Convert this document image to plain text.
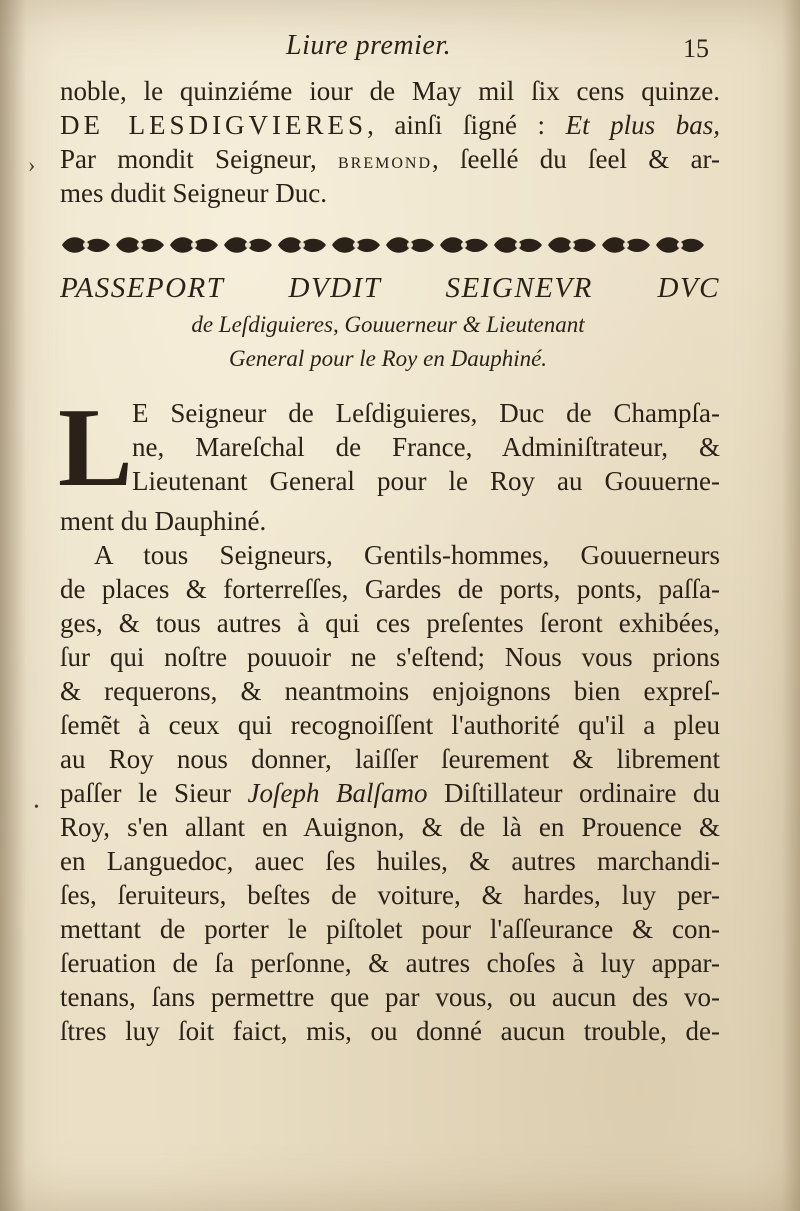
Liure premier.	15
›
noble, le quinziéme iour de May mil ſix cens quinze.
DE LESDIGVIERES, ainſi ſigné : Et plus bas,
Par mondit Seigneur, BREMOND, ſeellé du ſeel & ar-
mes dudit Seigneur Duc.
PASSEPORT DVDIT SEIGNEVR DVC
de Leſdiguieres, Gouuerneur & Lieutenant
General pour le Roy en Dauphiné.
L E Seigneur de Leſdiguieres, Duc de Champſa-
ne, Mareſchal de France, Adminiſtrateur, &
Lieutenant General pour le Roy au Gouuerne-
ment du Dauphiné.
A tous Seigneurs, Gentils-hommes, Gouuerneurs
de places & forterreſſes, Gardes de ports, ponts, paſſa-
ges, & tous autres à qui ces preſentes ſeront exhibées,
ſur qui noſtre pouuoir ne s'eſtend; Nous vous prions
& requerons, & neantmoins enjoignons bien expreſ-
ſemẽt à ceux qui recognoiſſent l'authorité qu'il a pleu
au Roy nous donner, laiſſer ſeurement & librement
paſſer le Sieur Joſeph Balſamo Diſtillateur ordinaire du
Roy, s'en allant en Auignon, & de là en Prouence &
en Languedoc, auec ſes huiles, & autres marchandi-
ſes, ſeruiteurs, beſtes de voiture, & hardes, luy per-
mettant de porter le piſtolet pour l'aſſeurance & con-
ſeruation de ſa perſonne, & autres choſes à luy appar-
tenans, ſans permettre que par vous, ou aucun des vo-
ſtres luy ſoit faict, mis, ou donné aucun trouble, de-
•
